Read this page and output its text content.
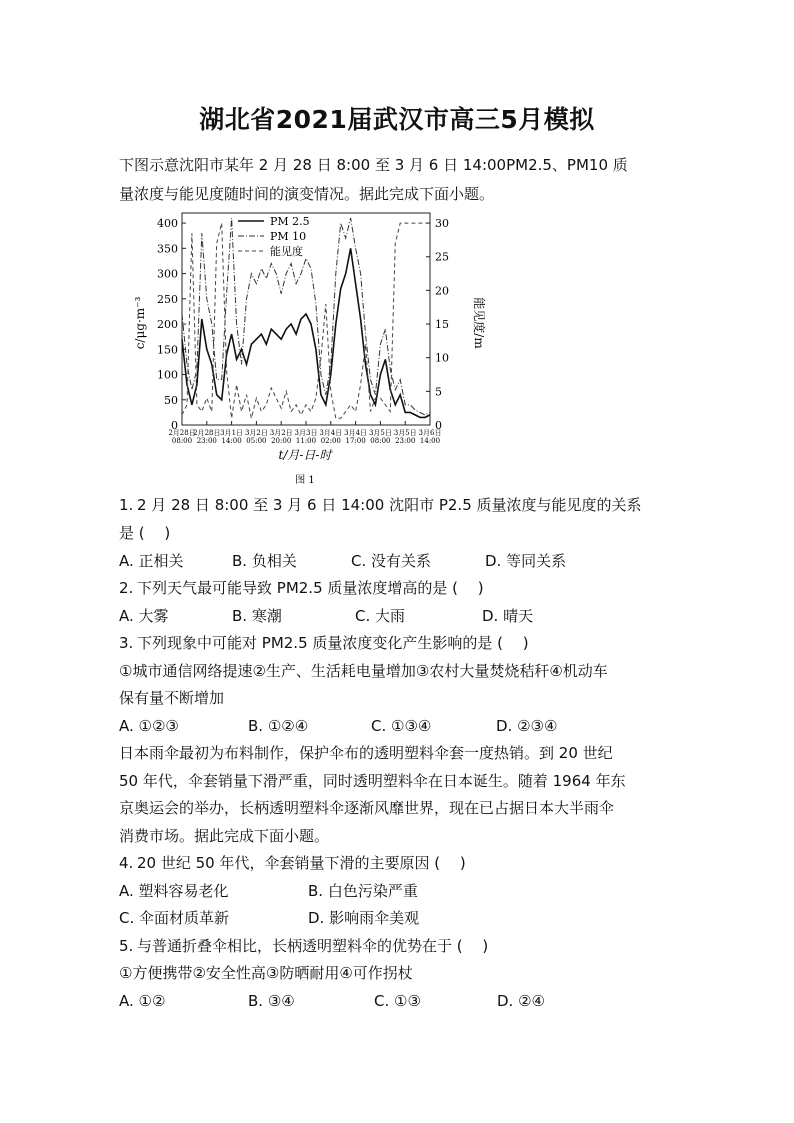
湖北省2021届武汉市高三5月模拟
下图示意沈阳市某年 2 月 28 日 8:00 至 3 月 6 日 14:00PM2.5、PM10 质
量浓度与能见度随时间的演变情况。据此完成下面小题。
c/μg·m⁻³	能见度/m
0
50
100
150
200
250
300
350
400
0
5
10
15
20
25
30
2月28日
08:00
2月28日
23:00
3月1日
14:00
3月2日
05:00
3月2日
20:00
3月3日
11:00
3月4日
02:00
3月4日
17:00
3月5日
08:00
3月5日
23:00
3月6日
14:00
PM 2.5
PM 10
能见度
t/月-日-时
图 1
1. 2 月 28 日 8:00 至 3 月 6 日 14:00 沈阳市 P2.5 质量浓度与能见度的关系
是 (　 )
A. 正相关	B. 负相关	C. 没有关系	D. 等同关系
2. 下列天气最可能导致 PM2.5 质量浓度增高的是 (　 )
A. 大雾	B. 寒潮	C. 大雨	D. 晴天
3. 下列现象中可能对 PM2.5 质量浓度变化产生影响的是 (　 )
①城市通信网络提速②生产、生活耗电量增加③农村大量焚烧秸秆④机动车
保有量不断增加
A. ①②③	B. ①②④	C. ①③④	D. ②③④
日本雨伞最初为布料制作，保护伞布的透明塑料伞套一度热销。到 20 世纪
50 年代，伞套销量下滑严重，同时透明塑料伞在日本诞生。随着 1964 年东
京奥运会的举办，长柄透明塑料伞逐渐风靡世界，现在已占据日本大半雨伞
消费市场。据此完成下面小题。
4. 20 世纪 50 年代，伞套销量下滑的主要原因 (　 )
A. 塑料容易老化	B. 白色污染严重
C. 伞面材质革新	D. 影响雨伞美观
5. 与普通折叠伞相比，长柄透明塑料伞的优势在于 (　 )
①方便携带②安全性高③防晒耐用④可作拐杖
A. ①②	B. ③④	C. ①③	D. ②④
